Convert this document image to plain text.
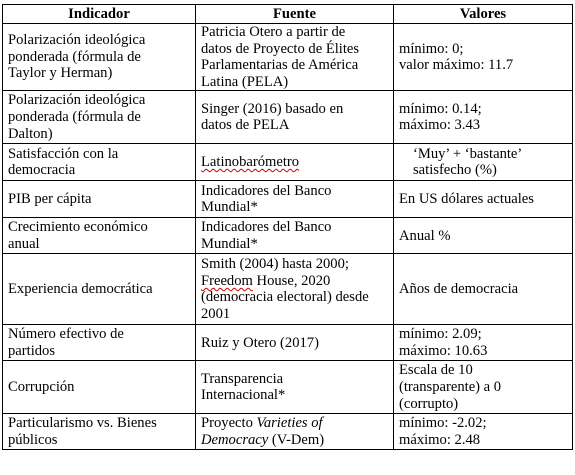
Indicador	Fuente	Valores

Polarización ideológica
ponderada (fórmula de
Taylor y Herman)	Patricia Otero a partir de
datos de Proyecto de Élites
Parlamentarias de América
Latina (PELA)	mínimo: 0;
valor máximo: 11.7

Polarización ideológica
ponderada (fórmula de
Dalton)	Singer (2016) basado en
datos de PELA	mínimo: 0.14;
máximo: 3.43

Satisfacción con la
democracia	Latinobarómetro	‘Muy’ + ‘bastante’
satisfecho (%)

PIB per cápita	Indicadores del Banco
Mundial*	En US dólares actuales

Crecimiento económico
anual	Indicadores del Banco
Mundial*	Anual %

Experiencia democrática	Smith (2004) hasta 2000;
Freedom House, 2020
(democracia electoral) desde
2001	Años de democracia

Número efectivo de
partidos	Ruiz y Otero (2017)	mínimo: 2.09;
máximo: 10.63

Corrupción	Transparencia
Internacional*	Escala de 10
(transparente) a 0
(corrupto)

Particularismo vs. Bienes
públicos	Proyecto Varieties of
Democracy (V-Dem)	mínimo: -2.02;
máximo: 2.48
